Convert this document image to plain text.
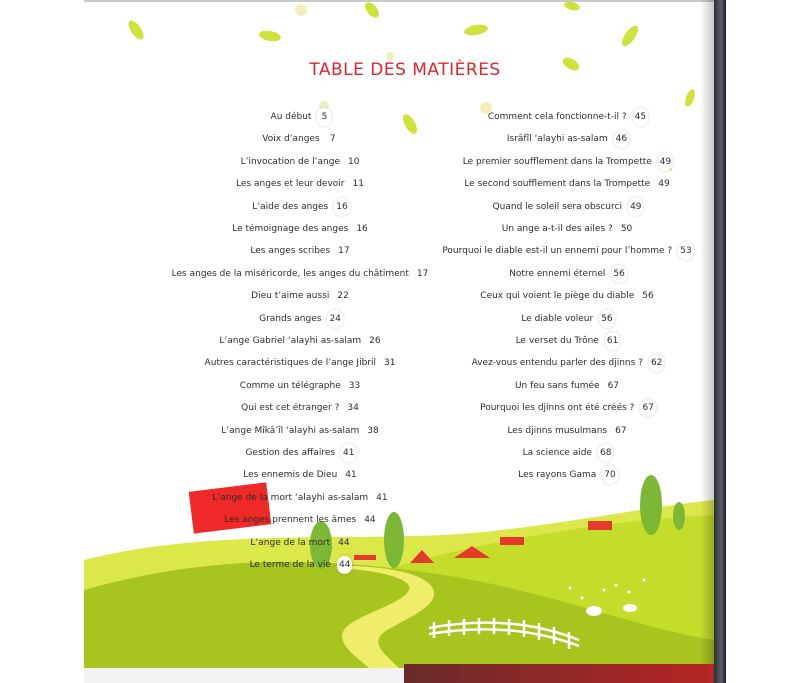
TABLE DES MATIÈRES
Au début 5
Voix d’anges 7
L’invocation de l’ange 10
Les anges et leur devoir 11
L’aide des anges 16
Le témoignage des anges 16
Les anges scribes 17
Les anges de la miséricorde, les anges du châtiment 17
Dieu t’aime aussi 22
Grands anges 24
L’ange Gabriel ‘alayhi as-salam 26
Autres caractéristiques de l’ange Jibril 31
Comme un télégraphe 33
Qui est cet étranger ? 34
L’ange Mîkâ’îl ‘alayhi as-salam 38
Gestion des affaires 41
Les ennemis de Dieu 41
L’ange de la mort ‘alayhi as-salam 41
Les anges prennent les âmes 44
L’ange de la mort 44
Le terme de la vie 44
Comment cela fonctionne-t-il ? 45
Isrâfîl ‘alayhi as-salam 46
Le premier soufflement dans la Trompette 49
Le second soufflement dans la Trompette 49
Quand le soleil sera obscurci 49
Un ange a-t-il des ailes ? 50
Pourquoi le diable est-il un ennemi pour l’homme ? 53
Notre ennemi éternel 56
Ceux qui voient le piège du diable 56
Le diable voleur 56
Le verset du Trône 61
Avez-vous entendu parler des djinns ? 62
Un feu sans fumée 67
Pourquoi les djinns ont été créés ? 67
Les djinns musulmans 67
La science aide 68
Les rayons Gama 70
